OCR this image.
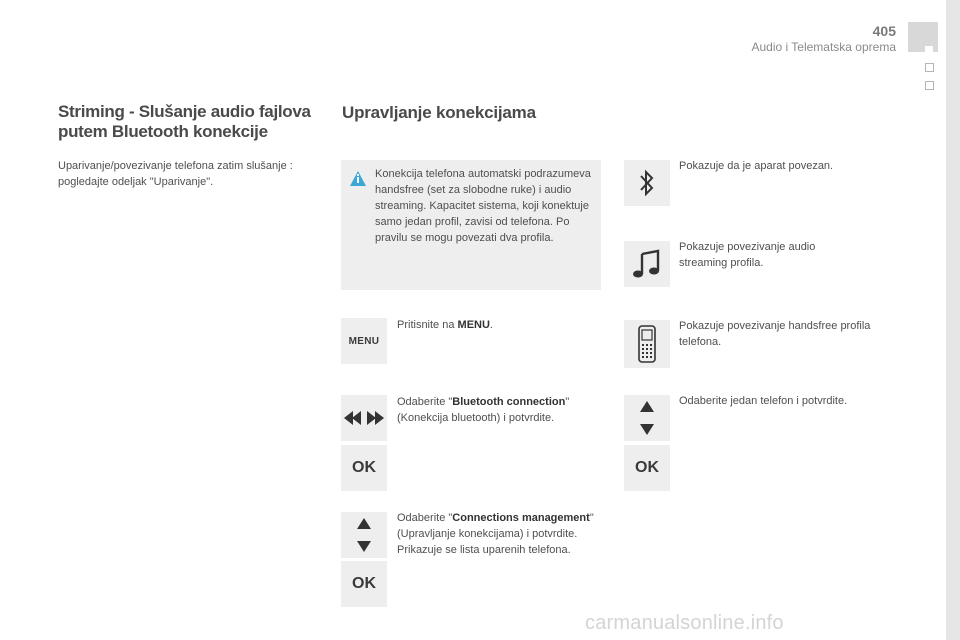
405
Audio i Telematska oprema
Striming - Slušanje audio fajlova putem Bluetooth konekcije
Uparivanje/povezivanje telefona zatim slušanje : pogledajte odeljak "Uparivanje".
Upravljanje konekcijama
Konekcija telefona automatski podrazumeva handsfree (set za slobodne ruke) i audio streaming. Kapacitet sistema, koji konektuje samo jedan profil, zavisi od telefona. Po pravilu se mogu povezati dva profila.
MENU
Pritisnite na MENU.
Odaberite "Bluetooth connection" (Konekcija bluetooth) i potvrdite.
OK
Odaberite "Connections management" (Upravljanje konekcijama) i potvrdite. Prikazuje se lista uparenih telefona.
OK
Pokazuje da je aparat povezan.
Pokazuje povezivanje audio streaming profila.
Pokazuje povezivanje handsfree profila telefona.
Odaberite jedan telefon i potvrdite.
OK
carmanualsonline.info
